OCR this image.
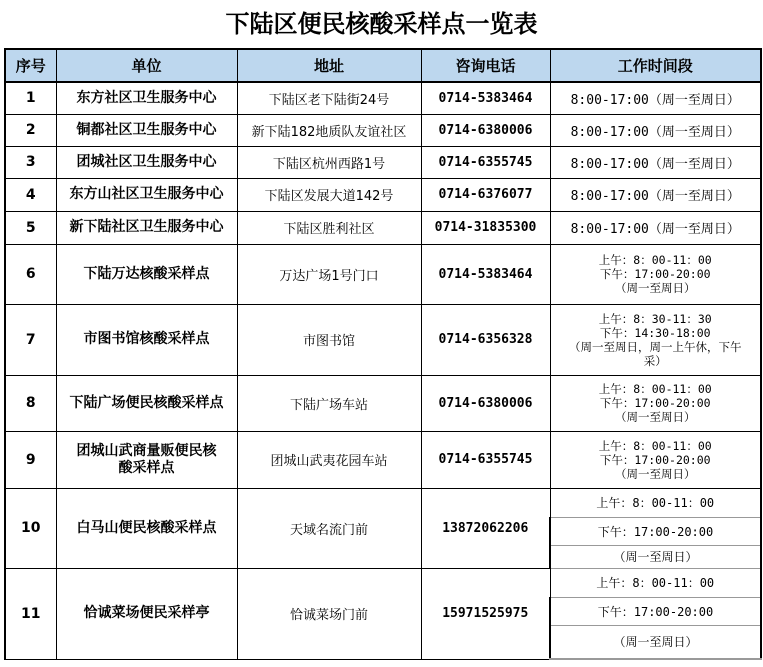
下陆区便民核酸采样点一览表
序号	单位	地址	咨询电话	工作时间段
1	东方社区卫生服务中心	下陆区老下陆街24号	0714-5383464	8:00-17:00（周一至周日）
2	铜都社区卫生服务中心	新下陆182地质队友谊社区	0714-6380006	8:00-17:00（周一至周日）
3	团城社区卫生服务中心	下陆区杭州西路1号	0714-6355745	8:00-17:00（周一至周日）
4	东方山社区卫生服务中心	下陆区发展大道142号	0714-6376077	8:00-17:00（周一至周日）
5	新下陆社区卫生服务中心	下陆区胜利社区	0714-31835300	8:00-17:00（周一至周日）
6	下陆万达核酸采样点	万达广场1号门口	0714-5383464	上午：8：00-11：00
下午：17:00-20:00
（周一至周日）

7	市图书馆核酸采样点	市图书馆	0714-6356328	上午：8：30-11：30
下午：14:30-18:00
（周一至周日，周一上午休，下午
采）

8	下陆广场便民核酸采样点	下陆广场车站	0714-6380006	上午：8：00-11：00
下午：17:00-20:00
（周一至周日）

9	团城山武商量贩便民核
酸采样点	团城山武夷花园车站	0714-6355745	上午：8：00-11：00
下午：17:00-20:00
（周一至周日）

10	白马山便民核酸采样点	天域名流门前	13872062206	上午：8：00-11：00
				下午：17:00-20:00
				（周一至周日）
11	恰诚菜场便民采样亭	恰诚菜场门前	15971525975	上午：8：00-11：00
				下午：17:00-20:00
				（周一至周日）
